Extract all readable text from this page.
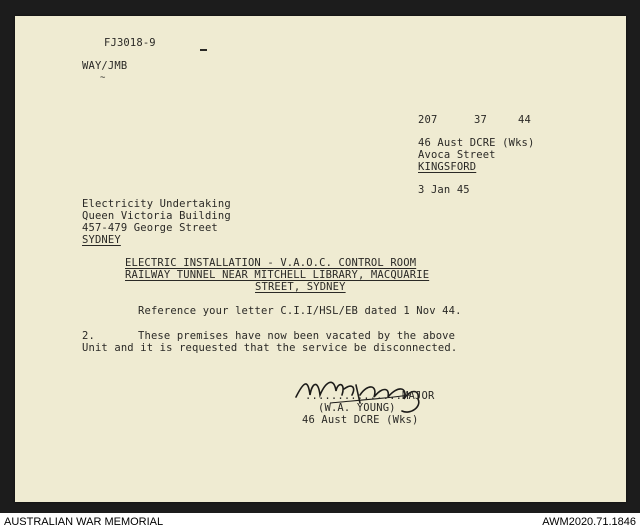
FJ3018-9
WAY/JMB
~
207	37	44
46 Aust DCRE (Wks)
Avoca Street
KINGSFORD
3 Jan 45
Electricity Undertaking
Queen Victoria Building
457-479 George Street
SYDNEY
ELECTRIC INSTALLATION - V.A.O.C. CONTROL ROOM
RAILWAY TUNNEL NEAR MITCHELL LIBRARY, MACQUARIE
STREET, SYDNEY
Reference your letter C.I.I/HSL/EB dated 1 Nov 44.
2.	These premises have now been vacated by the above
Unit and it is requested that the service be disconnected.
...............MAJOR
(W.A. YOUNG)
46 Aust DCRE (Wks)
AUSTRALIAN WAR MEMORIAL	AWM2020.71.1846
